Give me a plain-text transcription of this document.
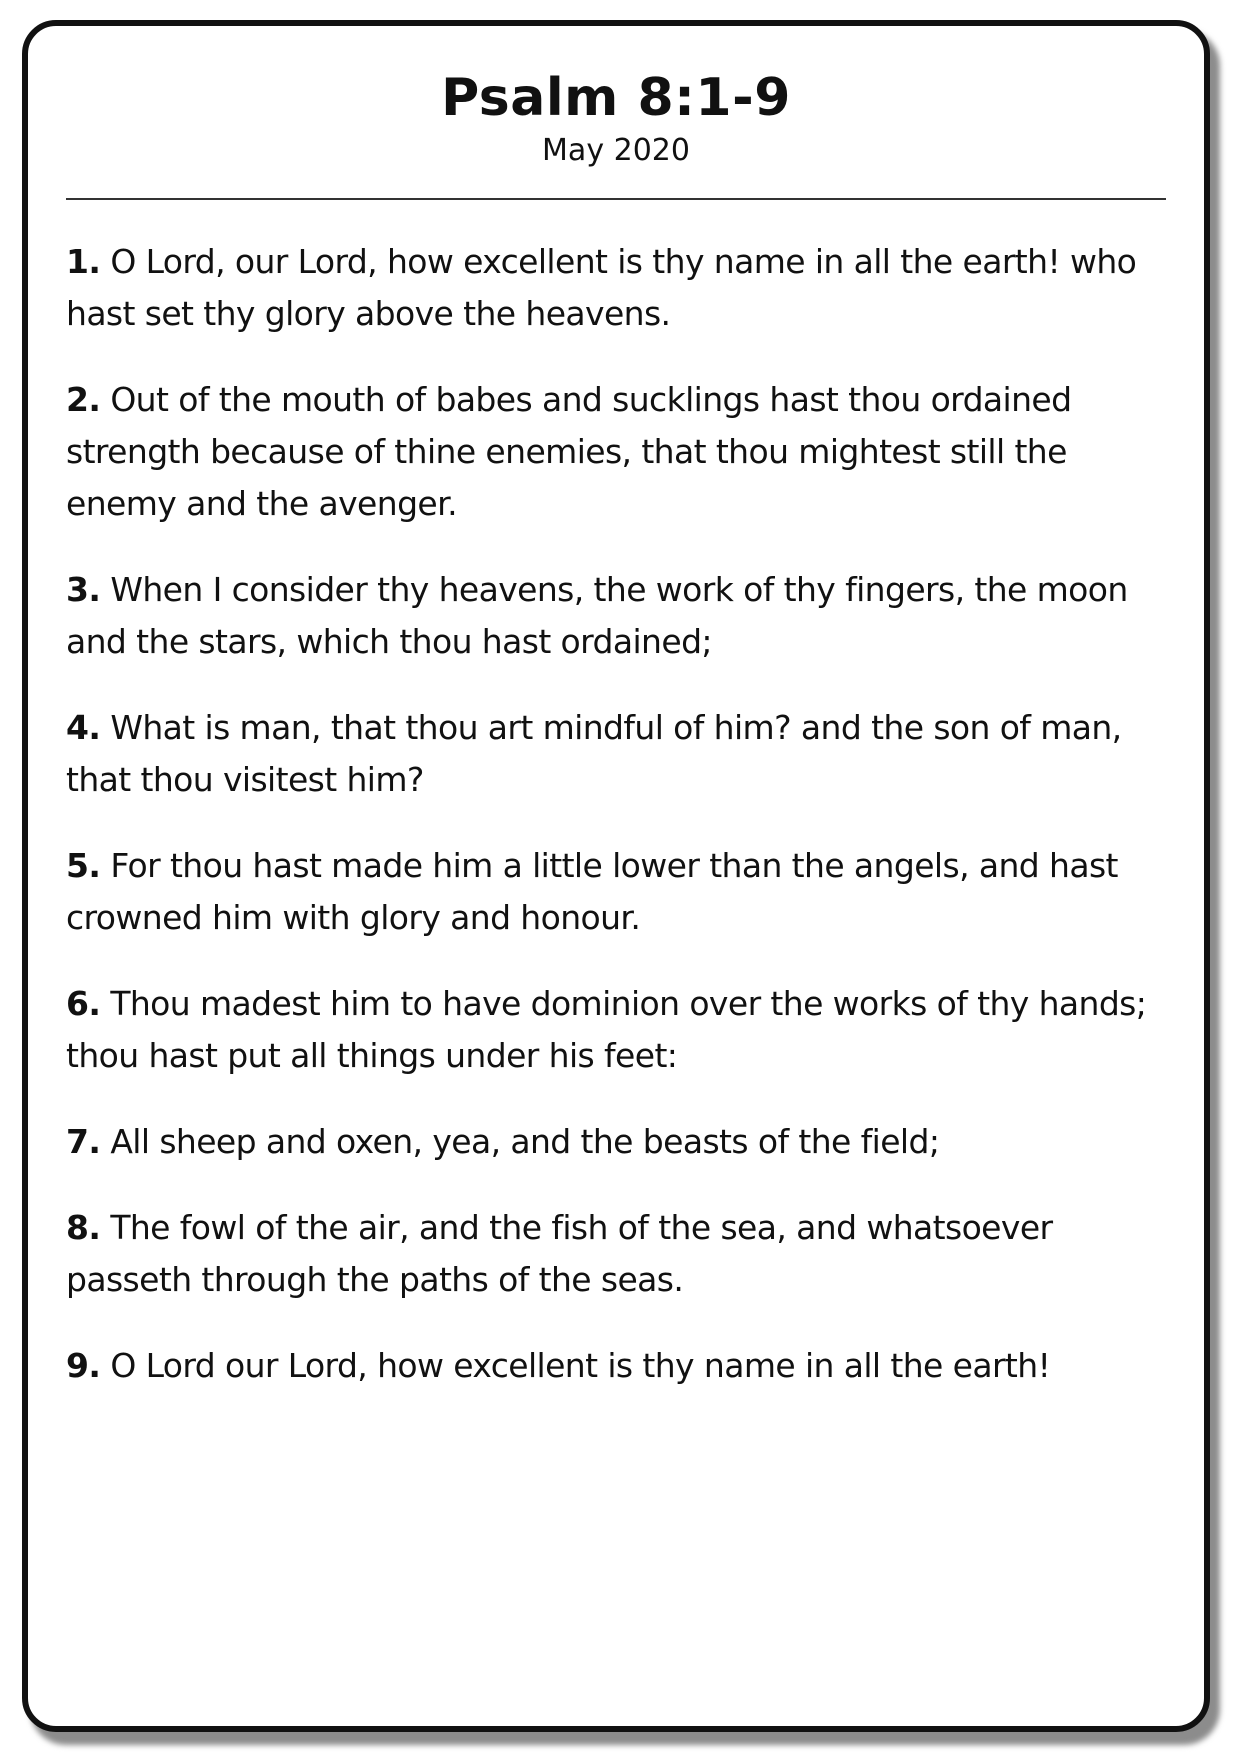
Psalm 8:1-9
May 2020

1. O Lord, our Lord, how excellent is thy name in all the earth! who hast set thy glory above the heavens.

2. Out of the mouth of babes and sucklings hast thou ordained strength because of thine enemies, that thou mightest still the enemy and the avenger.

3. When I consider thy heavens, the work of thy fingers, the moon and the stars, which thou hast ordained;

4. What is man, that thou art mindful of him? and the son of man, that thou visitest him?

5. For thou hast made him a little lower than the angels, and hast crowned him with glory and honour.

6. Thou madest him to have dominion over the works of thy hands; thou hast put all things under his feet:

7. All sheep and oxen, yea, and the beasts of the field;

8. The fowl of the air, and the fish of the sea, and whatsoever passeth through the paths of the seas.

9. O Lord our Lord, how excellent is thy name in all the earth!
